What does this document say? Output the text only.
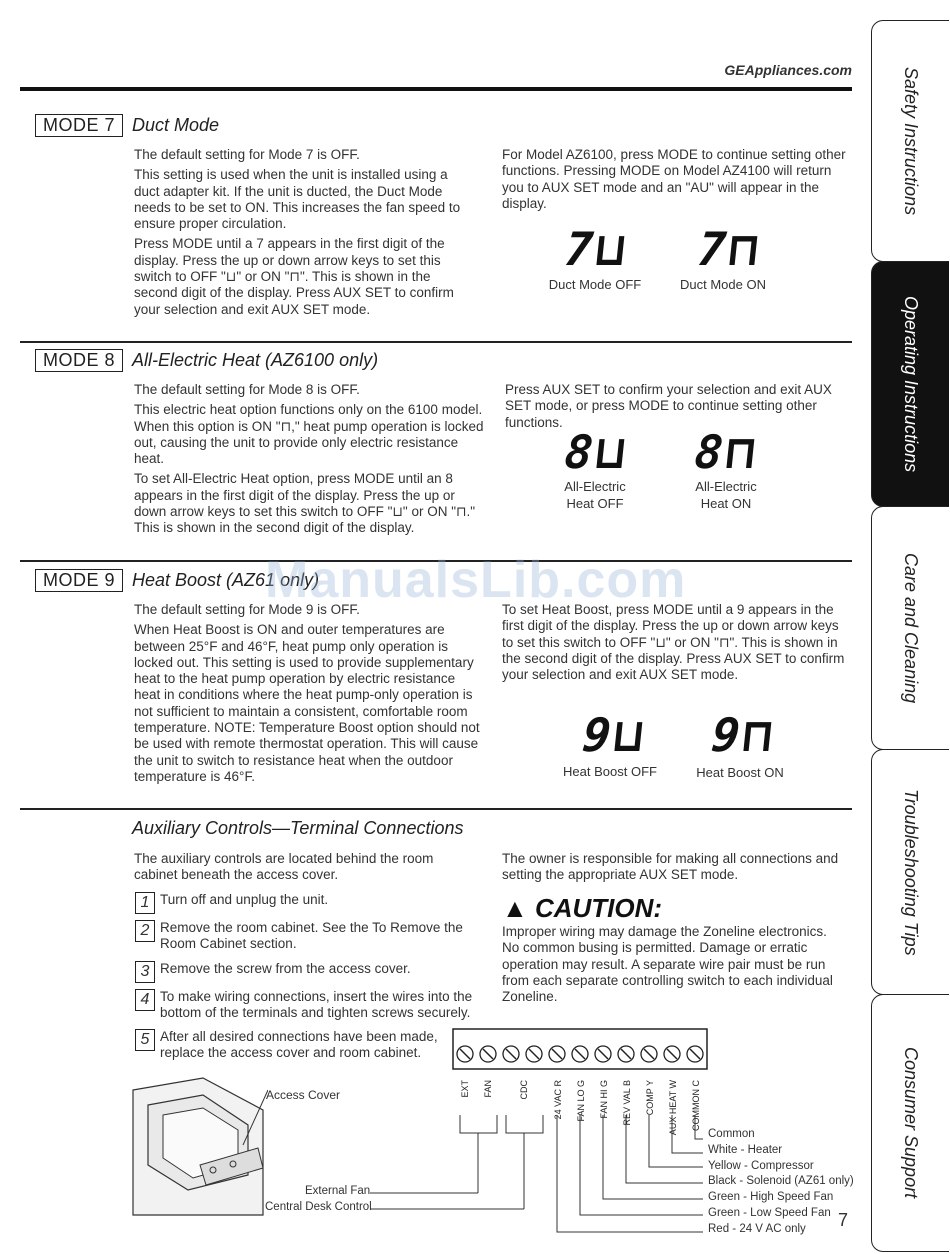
GEAppliances.com	Safety Instructions
Operating Instructions
Care and Cleaning
Troubleshooting Tips
Consumer Support
MODE 7 Duct Mode

The default setting for Mode 7 is OFF.

This setting is used when the unit is installed using a duct adapter kit. If the unit is ducted, the Duct Mode needs to be set to ON. This increases the fan speed to ensure proper circulation.

Press MODE until a 7 appears in the first digit of the display. Press the up or down arrow keys to set this switch to OFF "⊔" or ON "⊓". This is shown in the second digit of the display. Press AUX SET to confirm your selection and exit AUX SET mode.

For Model AZ6100, press MODE to continue setting other functions. Pressing MODE on Model AZ4100 will return you to AUX SET mode and an "AU" will appear in the display.
7⊔ 7⊓
Duct Mode OFF	Duct Mode ON
MODE 8 All-Electric Heat (AZ6100 only)

The default setting for Mode 8 is OFF.

This electric heat option functions only on the 6100 model. When this option is ON "⊓," heat pump operation is locked out, causing the unit to provide only electric resistance heat.

To set All-Electric Heat option, press MODE until an 8 appears in the first digit of the display. Press the up or down arrow keys to set this switch to OFF "⊔" or ON "⊓." This is shown in the second digit of the display.

Press AUX SET to confirm your selection and exit AUX SET mode, or press MODE to continue setting other functions.
8⊔ 8⊓
All-Electric
Heat OFF
All-Electric
Heat ON
MODE 9 Heat Boost (AZ61 only)

The default setting for Mode 9 is OFF.

When Heat Boost is ON and outer temperatures are between 25°F and 46°F, heat pump only operation is locked out. This setting is used to provide supplementary heat to the heat pump operation by electric resistance heat in conditions where the heat pump-only operation is not sufficient to maintain a consistent, comfortable room temperature. NOTE: Temperature Boost option should not be used with remote thermostat operation. This will cause the unit to switch to resistance heat when the outdoor temperature is 46°F.

To set Heat Boost, press MODE until a 9 appears in the first digit of the display. Press the up or down arrow keys to set this switch to OFF "⊔" or ON "⊓". This is shown in the second digit of the display. Press AUX SET to confirm your selection and exit AUX SET mode.
9⊔ 9⊓
Heat Boost OFF	Heat Boost ON
Auxiliary Controls—Terminal Connections
The auxiliary controls are located behind the room cabinet beneath the access cover.
1 Turn off and unplug the unit.
2 Remove the room cabinet. See the To Remove the Room Cabinet section.
3 Remove the screw from the access cover.
4 To make wiring connections, insert the wires into the bottom of the terminals and tighten screws securely.
5 After all desired connections have been made, replace the access cover and room cabinet.
The owner is responsible for making all connections and setting the appropriate AUX SET mode.
▲ CAUTION:
Improper wiring may damage the Zoneline electronics. No common busing is permitted. Damage or erratic operation may result. A separate wire pair must be run from each separate controlling switch to each individual Zoneline.
Access Cover	EXT FAN	CDC	24 VAC R FAN LO G FAN HI G REV VAL B COMP Y AUX HEAT W COMMON C
External Fan
Central Desk Control
Common
White - Heater
Yellow - Compressor
Black - Solenoid (AZ61 only)
Green - High Speed Fan
Green - Low Speed Fan
Red - 24 V AC only	7
ManualsLib.com
